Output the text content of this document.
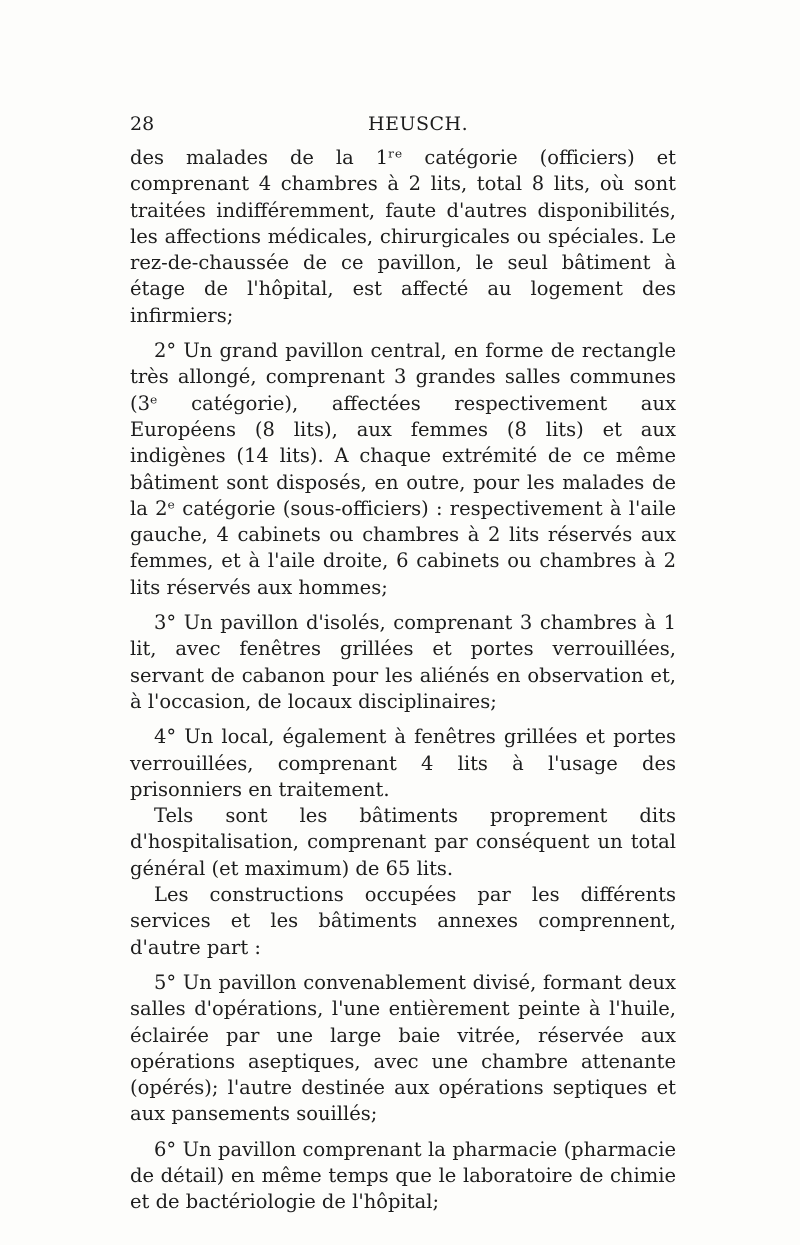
28	HEUSCH.

des malades de la 1ʳᵉ catégorie (officiers) et comprenant 4 chambres à 2 lits, total 8 lits, où sont traitées indifféremment, faute d'autres disponibilités, les affections médicales, chirurgicales ou spéciales. Le rez-de-chaussée de ce pavillon, le seul bâtiment à étage de l'hôpital, est affecté au logement des infirmiers;

2° Un grand pavillon central, en forme de rectangle très allongé, comprenant 3 grandes salles communes (3ᵉ catégorie), affectées respectivement aux Européens (8 lits), aux femmes (8 lits) et aux indigènes (14 lits). A chaque extrémité de ce même bâtiment sont disposés, en outre, pour les malades de la 2ᵉ catégorie (sous-officiers) : respectivement à l'aile gauche, 4 cabinets ou chambres à 2 lits réservés aux femmes, et à l'aile droite, 6 cabinets ou chambres à 2 lits réservés aux hommes;

3° Un pavillon d'isolés, comprenant 3 chambres à 1 lit, avec fenêtres grillées et portes verrouillées, servant de cabanon pour les aliénés en observation et, à l'occasion, de locaux disciplinaires;

4° Un local, également à fenêtres grillées et portes verrouillées, comprenant 4 lits à l'usage des prisonniers en traitement.

Tels sont les bâtiments proprement dits d'hospitalisation, comprenant par conséquent un total général (et maximum) de 65 lits.

Les constructions occupées par les différents services et les bâtiments annexes comprennent, d'autre part :

5° Un pavillon convenablement divisé, formant deux salles d'opérations, l'une entièrement peinte à l'huile, éclairée par une large baie vitrée, réservée aux opérations aseptiques, avec une chambre attenante (opérés); l'autre destinée aux opérations septiques et aux pansements souillés;

6° Un pavillon comprenant la pharmacie (pharmacie de détail) en même temps que le laboratoire de chimie et de bactériologie de l'hôpital;
